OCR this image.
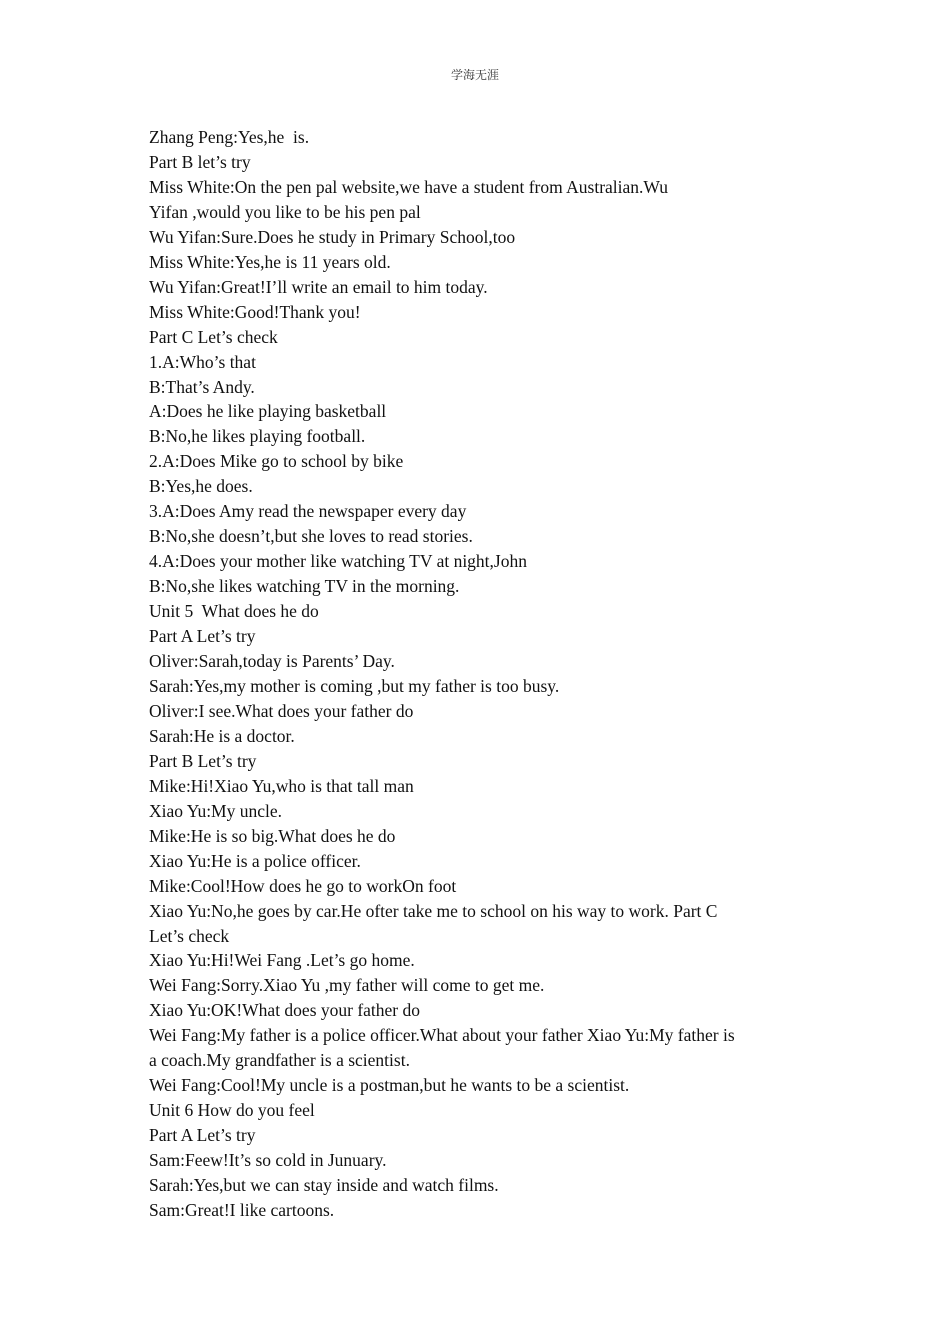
学海无涯
Zhang Peng:Yes,he  is.
Part B let’s try
Miss White:On the pen pal website,we have a student from Australian.Wu
Yifan ,would you like to be his pen pal
Wu Yifan:Sure.Does he study in Primary School,too
Miss White:Yes,he is 11 years old.
Wu Yifan:Great!I’ll write an email to him today.
Miss White:Good!Thank you!
Part C Let’s check
1.A:Who’s that
B:That’s Andy.
A:Does he like playing basketball
B:No,he likes playing football.
2.A:Does Mike go to school by bike
B:Yes,he does.
3.A:Does Amy read the newspaper every day
B:No,she doesn’t,but she loves to read stories.
4.A:Does your mother like watching TV at night,John
B:No,she likes watching TV in the morning.
Unit 5  What does he do
Part A Let’s try
Oliver:Sarah,today is Parents’ Day.
Sarah:Yes,my mother is coming ,but my father is too busy.
Oliver:I see.What does your father do
Sarah:He is a doctor.
Part B Let’s try
Mike:Hi!Xiao Yu,who is that tall man
Xiao Yu:My uncle.
Mike:He is so big.What does he do
Xiao Yu:He is a police officer.
Mike:Cool!How does he go to workOn foot
Xiao Yu:No,he goes by car.He ofter take me to school on his way to work. Part C
Let’s check
Xiao Yu:Hi!Wei Fang .Let’s go home.
Wei Fang:Sorry.Xiao Yu ,my father will come to get me.
Xiao Yu:OK!What does your father do
Wei Fang:My father is a police officer.What about your father Xiao Yu:My father is
a coach.My grandfather is a scientist.
Wei Fang:Cool!My uncle is a postman,but he wants to be a scientist.
Unit 6 How do you feel
Part A Let’s try
Sam:Feew!It’s so cold in Junuary.
Sarah:Yes,but we can stay inside and watch films.
Sam:Great!I like cartoons.
